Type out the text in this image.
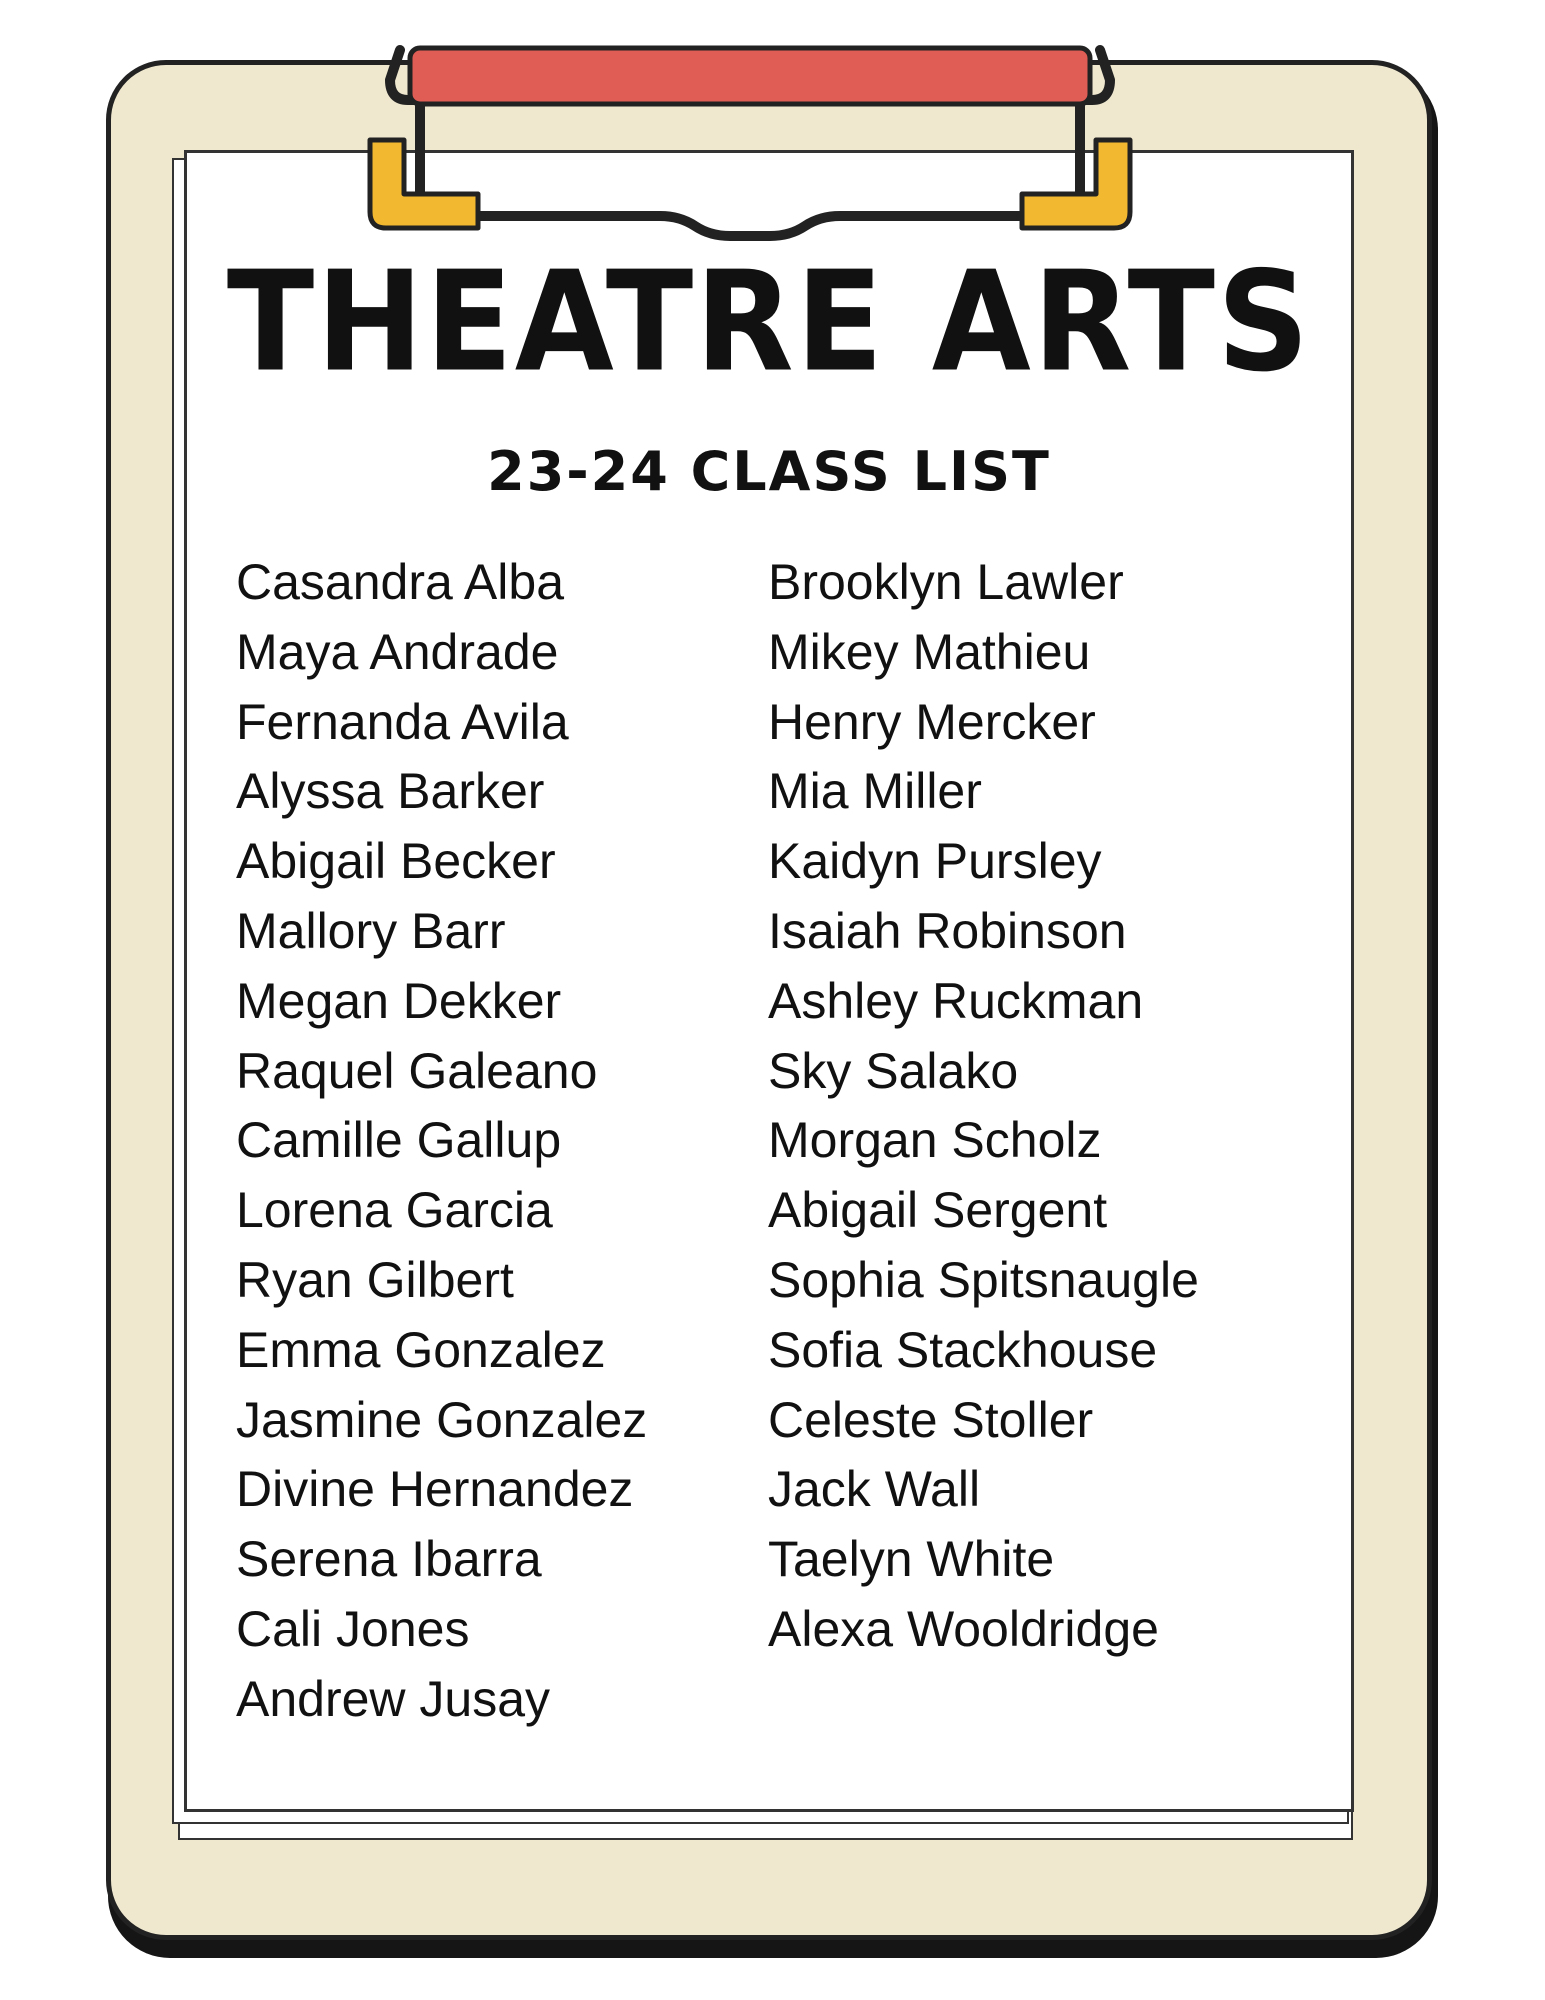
THEATRE ARTS
23-24 CLASS LIST
Casandra Alba
Maya Andrade
Fernanda Avila
Alyssa Barker
Abigail Becker
Mallory Barr
Megan Dekker
Raquel Galeano
Camille Gallup
Lorena Garcia
Ryan Gilbert
Emma Gonzalez
Jasmine Gonzalez
Divine Hernandez
Serena Ibarra
Cali Jones
Andrew Jusay
Brooklyn Lawler
Mikey Mathieu
Henry Mercker
Mia Miller
Kaidyn Pursley
Isaiah Robinson
Ashley Ruckman
Sky Salako
Morgan Scholz
Abigail Sergent
Sophia Spitsnaugle
Sofia Stackhouse
Celeste Stoller
Jack Wall
Taelyn White
Alexa Wooldridge
